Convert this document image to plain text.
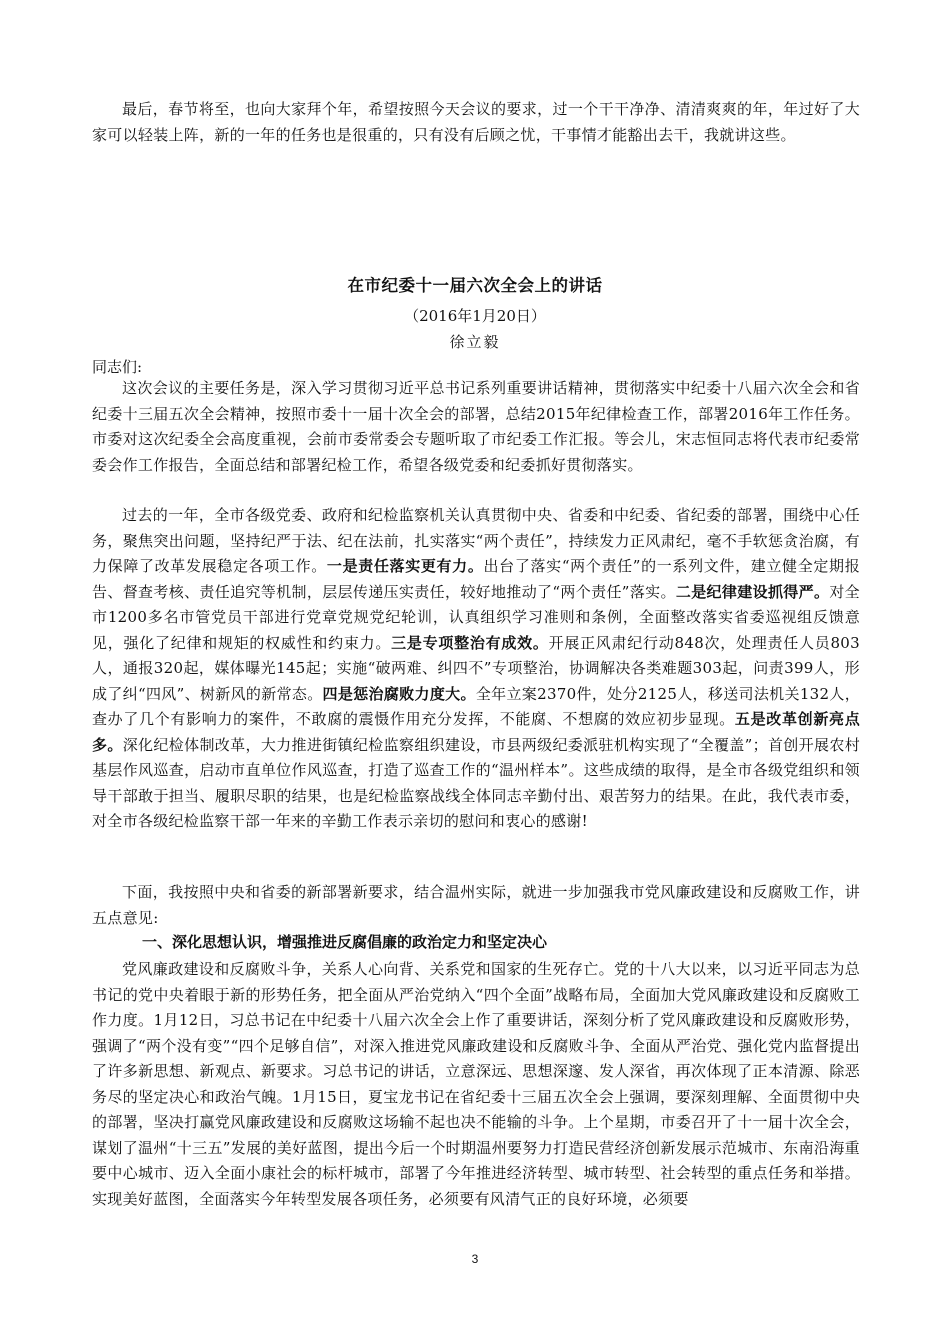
最后，春节将至，也向大家拜个年，希望按照今天会议的要求，过一个干干净净、清清爽爽的年，年过好了大家可以轻装上阵，新的一年的任务也是很重的，只有没有后顾之忧，干事情才能豁出去干，我就讲这些。

在市纪委十一届六次全会上的讲话

（2016年1月20日）

徐立毅

同志们:

这次会议的主要任务是，深入学习贯彻习近平总书记系列重要讲话精神，贯彻落实中纪委十八届六次全会和省纪委十三届五次全会精神，按照市委十一届十次全会的部署，总结2015年纪律检查工作，部署2016年工作任务。市委对这次纪委全会高度重视，会前市委常委会专题听取了市纪委工作汇报。等会儿，宋志恒同志将代表市纪委常委会作工作报告，全面总结和部署纪检工作，希望各级党委和纪委抓好贯彻落实。

过去的一年，全市各级党委、政府和纪检监察机关认真贯彻中央、省委和中纪委、省纪委的部署，围绕中心任务，聚焦突出问题，坚持纪严于法、纪在法前，扎实落实“两个责任”，持续发力正风肃纪，毫不手软惩贪治腐，有力保障了改革发展稳定各项工作。一是责任落实更有力。出台了落实“两个责任”的一系列文件，建立健全定期报告、督查考核、责任追究等机制，层层传递压实责任，较好地推动了“两个责任”落实。二是纪律建设抓得严。对全市1200多名市管党员干部进行党章党规党纪轮训，认真组织学习准则和条例，全面整改落实省委巡视组反馈意见，强化了纪律和规矩的权威性和约束力。三是专项整治有成效。开展正风肃纪行动848次，处理责任人员803人，通报320起，媒体曝光145起；实施“破两难、纠四不”专项整治，协调解决各类难题303起，问责399人，形成了纠“四风”、树新风的新常态。四是惩治腐败力度大。全年立案2370件，处分2125人，移送司法机关132人，查办了几个有影响力的案件，不敢腐的震慑作用充分发挥，不能腐、不想腐的效应初步显现。五是改革创新亮点多。深化纪检体制改革，大力推进街镇纪检监察组织建设，市县两级纪委派驻机构实现了“全覆盖”；首创开展农村基层作风巡查，启动市直单位作风巡查，打造了巡查工作的“温州样本”。这些成绩的取得，是全市各级党组织和领导干部敢于担当、履职尽职的结果，也是纪检监察战线全体同志辛勤付出、艰苦努力的结果。在此，我代表市委，对全市各级纪检监察干部一年来的辛勤工作表示亲切的慰问和衷心的感谢!

下面，我按照中央和省委的新部署新要求，结合温州实际，就进一步加强我市党风廉政建设和反腐败工作，讲五点意见:

一、深化思想认识，增强推进反腐倡廉的政治定力和坚定决心

党风廉政建设和反腐败斗争，关系人心向背、关系党和国家的生死存亡。党的十八大以来，以习近平同志为总书记的党中央着眼于新的形势任务，把全面从严治党纳入“四个全面”战略布局，全面加大党风廉政建设和反腐败工作力度。1月12日，习总书记在中纪委十八届六次全会上作了重要讲话，深刻分析了党风廉政建设和反腐败形势，强调了“两个没有变”“四个足够自信”，对深入推进党风廉政建设和反腐败斗争、全面从严治党、强化党内监督提出了许多新思想、新观点、新要求。习总书记的讲话，立意深远、思想深邃、发人深省，再次体现了正本清源、除恶务尽的坚定决心和政治气魄。1月15日，夏宝龙书记在省纪委十三届五次全会上强调，要深刻理解、全面贯彻中央的部署，坚决打赢党风廉政建设和反腐败这场输不起也决不能输的斗争。上个星期，市委召开了十一届十次全会，谋划了温州“十三五”发展的美好蓝图，提出今后一个时期温州要努力打造民营经济创新发展示范城市、东南沿海重要中心城市、迈入全面小康社会的标杆城市，部署了今年推进经济转型、城市转型、社会转型的重点任务和举措。实现美好蓝图，全面落实今年转型发展各项任务，必须要有风清气正的良好环境，必须要

3
